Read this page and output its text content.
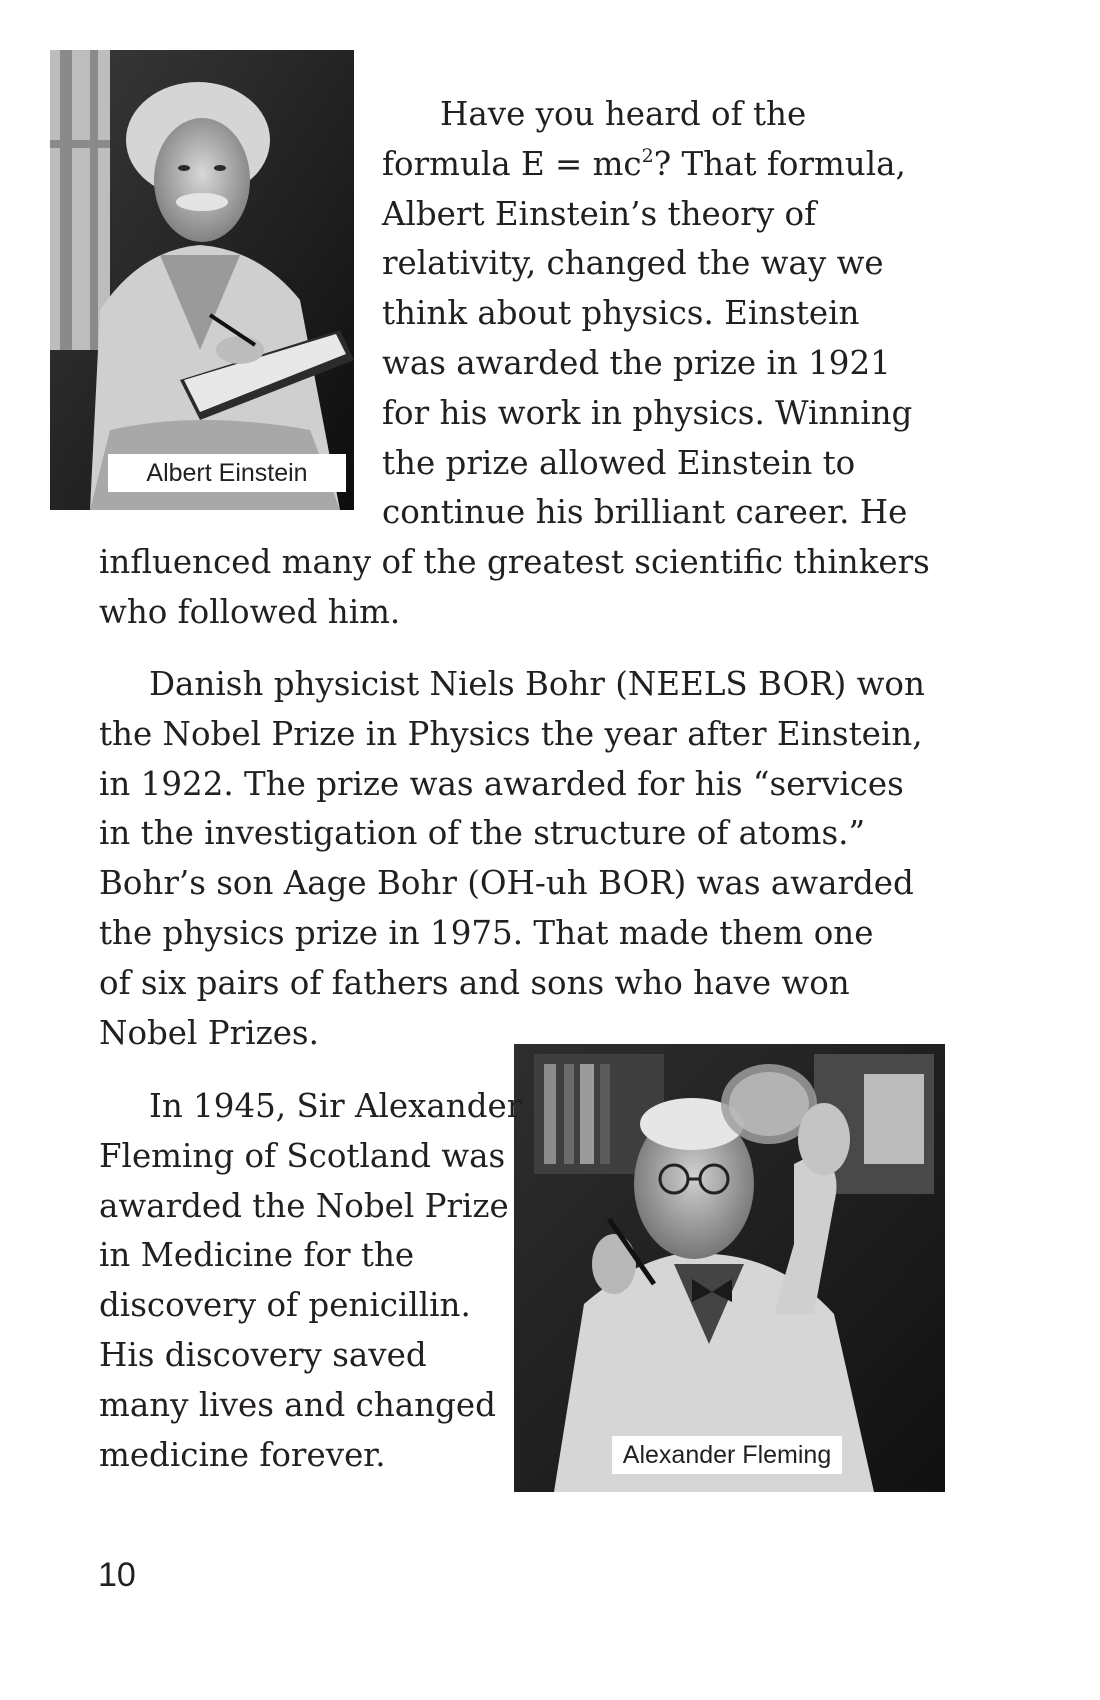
Albert Einstein
Have you heard of the
formula $E = mc^2$? That formula,
Albert Einstein’s theory of
relativity, changed the way we
think about physics. Einstein
was awarded the prize in 1921
for his work in physics. Winning
the prize allowed Einstein to
continue his brilliant career. He
influenced many of the greatest scientific thinkers
who followed him.
Danish physicist Niels Bohr (NEELS BOR) won
the Nobel Prize in Physics the year after Einstein,
in 1922. The prize was awarded for his “services
in the investigation of the structure of atoms.”
Bohr’s son Aage Bohr (OH-uh BOR) was awarded
the physics prize in 1975. That made them one
of six pairs of fathers and sons who have won
Nobel Prizes.
Alexander Fleming
In 1945, Sir Alexander
Fleming of Scotland was
awarded the Nobel Prize
in Medicine for the
discovery of penicillin.
His discovery saved
many lives and changed
medicine forever.
10
